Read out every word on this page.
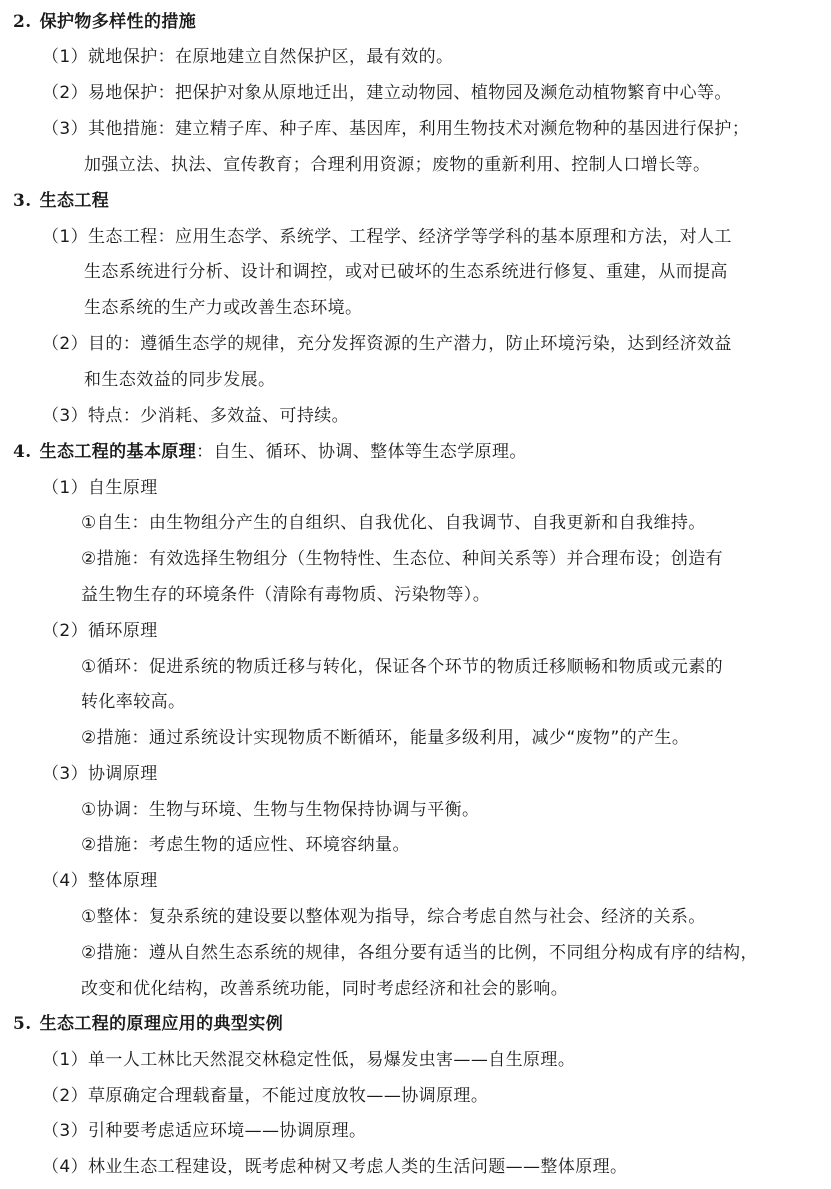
2. 保护物多样性的措施
（1）就地保护：在原地建立自然保护区，最有效的。
（2）易地保护：把保护对象从原地迁出，建立动物园、植物园及濒危动植物繁育中心等。
（3）其他措施：建立精子库、种子库、基因库，利用生物技术对濒危物种的基因进行保护；
加强立法、执法、宣传教育；合理利用资源；废物的重新利用、控制人口增长等。
3. 生态工程
（1）生态工程：应用生态学、系统学、工程学、经济学等学科的基本原理和方法，对人工
生态系统进行分析、设计和调控，或对已破坏的生态系统进行修复、重建，从而提高
生态系统的生产力或改善生态环境。
（2）目的：遵循生态学的规律，充分发挥资源的生产潜力，防止环境污染，达到经济效益
和生态效益的同步发展。
（3）特点：少消耗、多效益、可持续。
4. 生态工程的基本原理：自生、循环、协调、整体等生态学原理。
（1）自生原理
①自生：由生物组分产生的自组织、自我优化、自我调节、自我更新和自我维持。
②措施：有效选择生物组分（生物特性、生态位、种间关系等）并合理布设；创造有
益生物生存的环境条件（清除有毒物质、污染物等）。
（2）循环原理
①循环：促进系统的物质迁移与转化，保证各个环节的物质迁移顺畅和物质或元素的
转化率较高。
②措施：通过系统设计实现物质不断循环，能量多级利用，减少“废物”的产生。
（3）协调原理
①协调：生物与环境、生物与生物保持协调与平衡。
②措施：考虑生物的适应性、环境容纳量。
（4）整体原理
①整体：复杂系统的建设要以整体观为指导，综合考虑自然与社会、经济的关系。
②措施：遵从自然生态系统的规律，各组分要有适当的比例，不同组分构成有序的结构，
改变和优化结构，改善系统功能，同时考虑经济和社会的影响。
5. 生态工程的原理应用的典型实例
（1）单一人工林比天然混交林稳定性低，易爆发虫害——自生原理。
（2）草原确定合理载畜量，不能过度放牧——协调原理。
（3）引种要考虑适应环境——协调原理。
（4）林业生态工程建设，既考虑种树又考虑人类的生活问题——整体原理。
